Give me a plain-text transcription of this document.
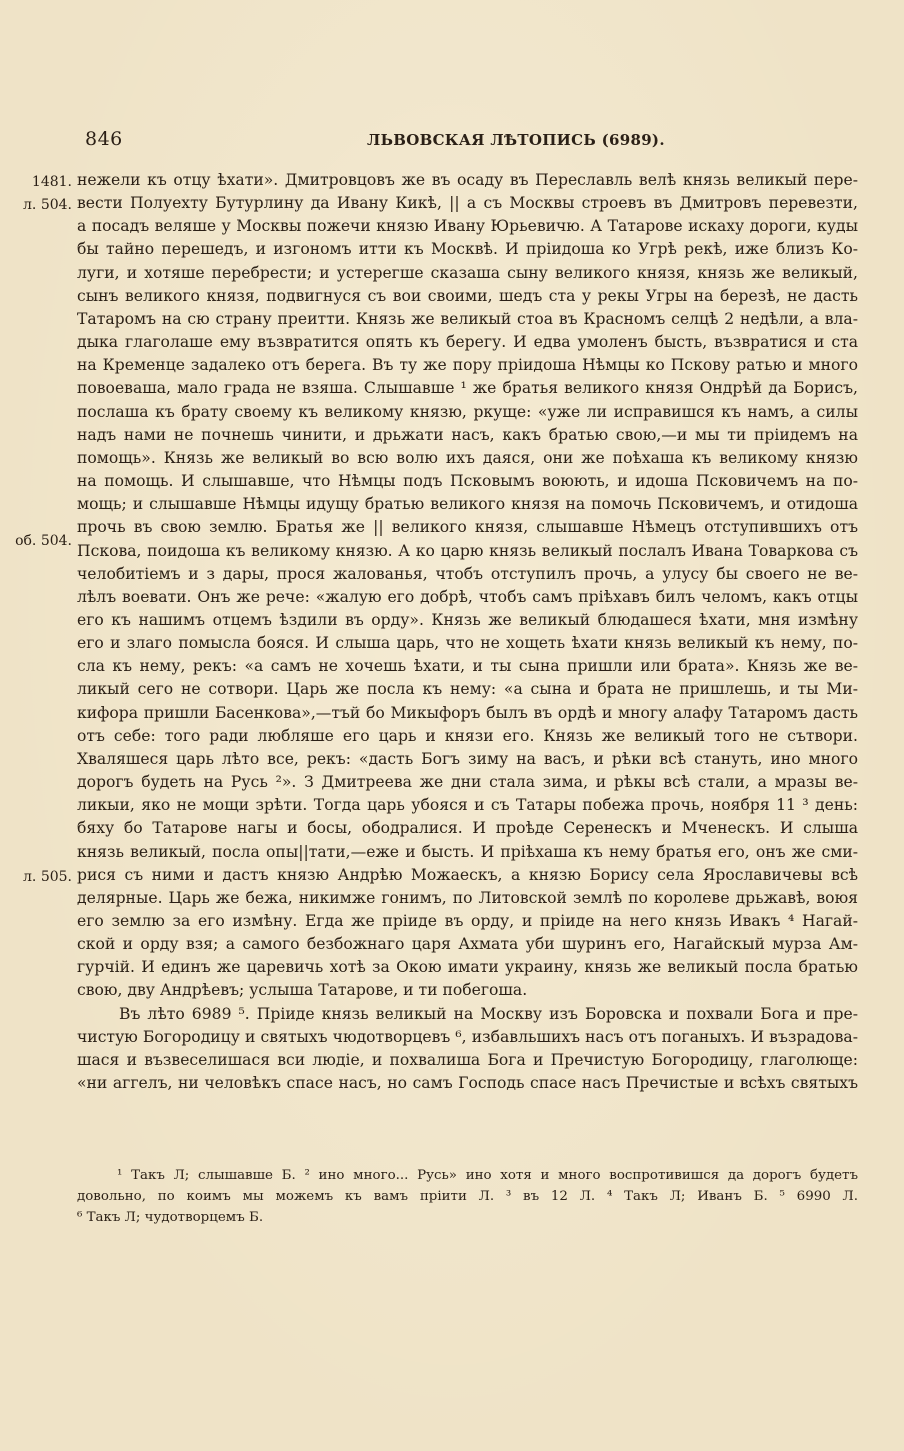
846	ЛЬВОВСКАЯ ЛѢТОПИСЬ (6989).
1481.
л. 504.
об. 504.
л. 505.
нежели къ отцу ѣхати». Дмитровцовъ же въ осаду въ Переславль велѣ князь великый пере-
вести Полуехту Бутурлину да Ивану Кикѣ, || а съ Москвы строевъ въ Дмитровъ перевезти,
а посадъ веляше у Москвы пожечи князю Ивану Юрьевичю. А Татарове искаху дороги, куды
бы тайно перешедъ, и изгономъ итти къ Москвѣ. И прiидоша ко Угрѣ рекѣ, иже близъ Ко-
луги, и хотяше перебрести; и устерегше сказаша сыну великого князя, князь же великый,
сынъ великого князя, подвигнуся съ вои своими, шедъ ста у рекы Угры на березѣ, не дасть
Татаромъ на сю страну преитти. Князь же великый стоа въ Красномъ селцѣ 2 недѣли, а вла-
дыка глаголаше ему възвратится опять къ берегу. И едва умоленъ бысть, възвратися и ста
на Кременце задалеко отъ берега. Въ ту же пору прiидоша Нѣмцы ко Пскову ратью и много
повоеваша, мало града не взяша. Слышавше ¹ же братья великого князя Ондрѣй да Борисъ,
послаша къ брату своему къ великому князю, ркуще: «уже ли исправишся къ намъ, а силы
надъ нами не почнешь чинити, и дрьжати насъ, какъ братью свою,—и мы ти прiидемъ на
помощь». Князь же великый во всю волю ихъ даяся, они же поѣхаша къ великому князю
на помощь. И слышавше, что Нѣмцы подъ Псковымъ воюють, и идоша Псковичемъ на по-
мощь; и слышавше Нѣмцы идущу братью великого князя на помочь Псковичемъ, и отидоша
прочь въ свою землю. Братья же || великого князя, слышавше Нѣмецъ отступившихъ отъ
Пскова, поидоша къ великому князю. А ко царю князь великый послалъ Ивана Товаркова съ
челобитiемъ и з дары, прося жалованья, чтобъ отступилъ прочь, а улусу бы своего не ве-
лѣлъ воевати. Онъ же рече: «жалую его добрѣ, чтобъ самъ прiѣхавъ билъ челомъ, какъ отцы
его къ нашимъ отцемъ ѣздили въ орду». Князь же великый блюдашеся ѣхати, мня измѣну
его и злаго помысла бояся. И слыша царь, что не хощеть ѣхати князь великый къ нему, по-
сла къ нему, рекъ: «а самъ не хочешь ѣхати, и ты сына пришли или брата». Князь же ве-
ликый сего не сотвори. Царь же посла къ нему: «а сына и брата не пришлешь, и ты Ми-
кифора пришли Басенкова»,—тъй бо Микыфоръ былъ въ ордѣ и многу алафу Татаромъ дасть
отъ себе: того ради любляше его царь и князи его. Князь же великый того не сътвори.
Хваляшеся царь лѣто все, рекъ: «дасть Богъ зиму на васъ, и рѣки всѣ стануть, ино много
дорогъ будеть на Русь ²». З Дмитреева же дни стала зима, и рѣкы всѣ стали, а мразы ве-
ликыи, яко не мощи зрѣти. Тогда царь убояся и съ Татары побежа прочь, ноября 11 ³ день:
бяху бо Татарове нагы и босы, ободралися. И проѣде Серенескъ и Мченескъ. И слыша
князь великый, посла опы||тати,—еже и бысть. И прiѣхаша къ нему братья его, онъ же сми-
рися съ ними и дастъ князю Андрѣю Можаескъ, а князю Борису села Ярославичевы всѣ
делярные. Царь же бежа, никимже гонимъ, по Литовской землѣ по королеве дрьжавѣ, воюя
его землю за его измѣну. Егда же прiиде въ орду, и прiиде на него князь Ивакъ ⁴ Нагай-
ской и орду взя; а самого безбожнаго царя Ахмата уби шуринъ его, Нагайскый мурза Ам-
гурчiй. И единъ же царевичь хотѣ за Окою имати украину, князь же великый посла братью
свою, дву Андрѣевъ; услыша Татарове, и ти побегоша.
Въ лѣто 6989 ⁵. Прiиде князь великый на Москву изъ Боровска и похвали Бога и пре-
чистую Богородицу и святыхъ чюдотворцевъ ⁶, избавльшихъ насъ отъ поганыхъ. И възрадова-
шася и възвеселишася вси людiе, и похвалиша Бога и Пречистую Богородицу, глаголюще:
«ни аггелъ, ни человѣкъ спасе насъ, но самъ Господь спасе насъ Пречистые и всѣхъ святыхъ
¹ Такъ Л; слышавше Б. ² ино много... Русь» ино хотя и много воспротивишся да дорогъ будетъ
довольно, по коимъ мы можемъ къ вамъ прiити Л. ³ въ 12 Л. ⁴ Такъ Л; Иванъ Б. ⁵ 6990 Л.
⁶ Такъ Л; чудотворцемъ Б.
